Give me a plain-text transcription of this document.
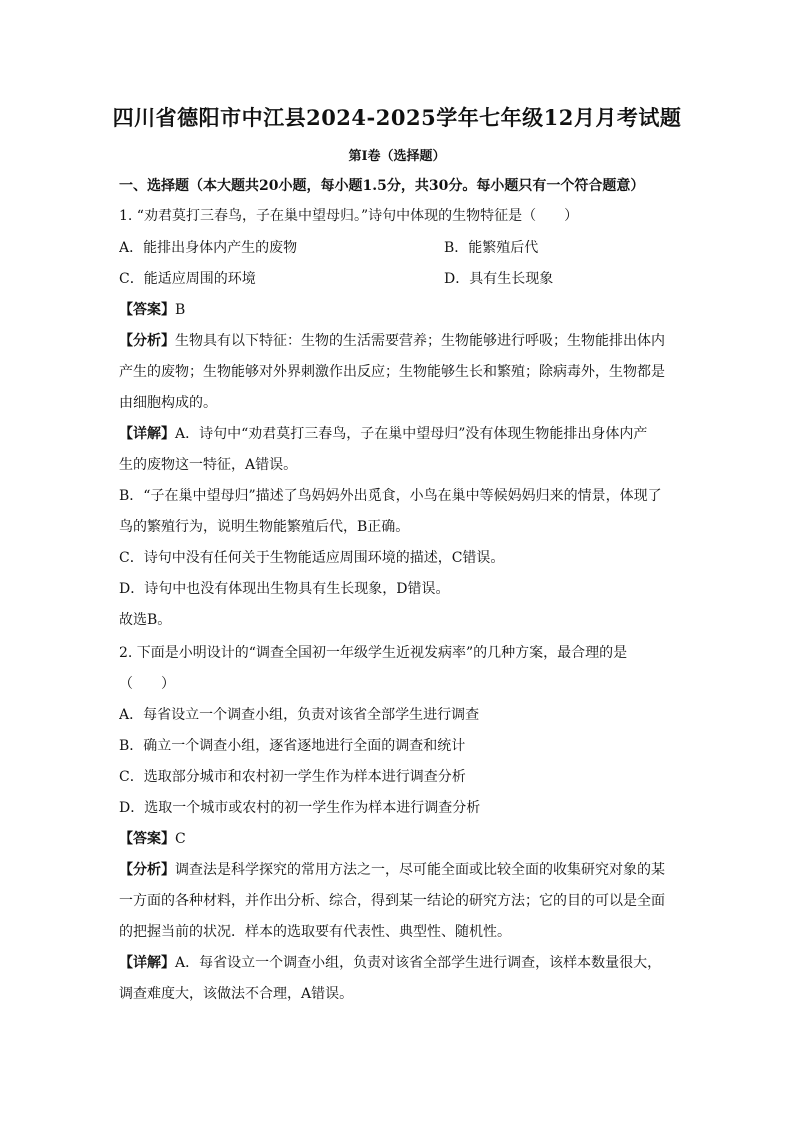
四川省德阳市中江县2024-2025学年七年级12月月考试题
第I卷（选择题）
一、选择题（本大题共20小题，每小题1.5分，共30分。每小题只有一个符合题意）
1. “劝君莫打三春鸟，子在巢中望母归。”诗句中体现的生物特征是（　　）
A．能排出身体内产生的废物	B．能繁殖后代
C．能适应周围的环境	D．具有生长现象
【答案】B
【分析】生物具有以下特征：生物的生活需要营养；生物能够进行呼吸；生物能排出体内
产生的废物；生物能够对外界刺激作出反应；生物能够生长和繁殖；除病毒外，生物都是
由细胞构成的。
【详解】A．诗句中“劝君莫打三春鸟，子在巢中望母归”没有体现生物能排出身体内产
生的废物这一特征，A错误。
B．“子在巢中望母归”描述了鸟妈妈外出觅食，小鸟在巢中等候妈妈归来的情景，体现了
鸟的繁殖行为，说明生物能繁殖后代，B正确。
C．诗句中没有任何关于生物能适应周围环境的描述，C错误。
D．诗句中也没有体现出生物具有生长现象，D错误。
故选B。
2. 下面是小明设计的“调查全国初一年级学生近视发病率”的几种方案，最合理的是
（　　）
A．每省设立一个调查小组，负责对该省全部学生进行调查
B．确立一个调查小组，逐省逐地进行全面的调查和统计
C．选取部分城市和农村初一学生作为样本进行调查分析
D．选取一个城市或农村的初一学生作为样本进行调查分析
【答案】C
【分析】调查法是科学探究的常用方法之一，尽可能全面或比较全面的收集研究对象的某
一方面的各种材料，并作出分析、综合，得到某一结论的研究方法；它的目的可以是全面
的把握当前的状况．样本的选取要有代表性、典型性、随机性。
【详解】A．每省设立一个调查小组，负责对该省全部学生进行调查，该样本数量很大，
调查难度大，该做法不合理，A错误。
